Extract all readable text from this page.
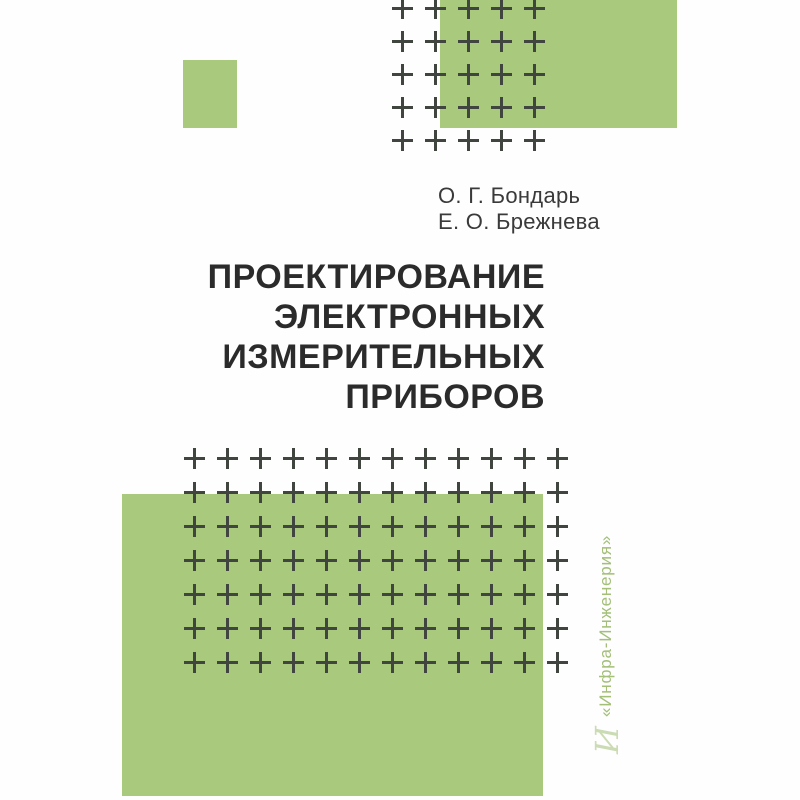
О. Г. Бондарь
Е. О. Брежнева
ПРОЕКТИРОВАНИЕ
ЭЛЕКТРОННЫХ
ИЗМЕРИТЕЛЬНЫХ
ПРИБОРОВ
«Инфра-Инженерия»
И
